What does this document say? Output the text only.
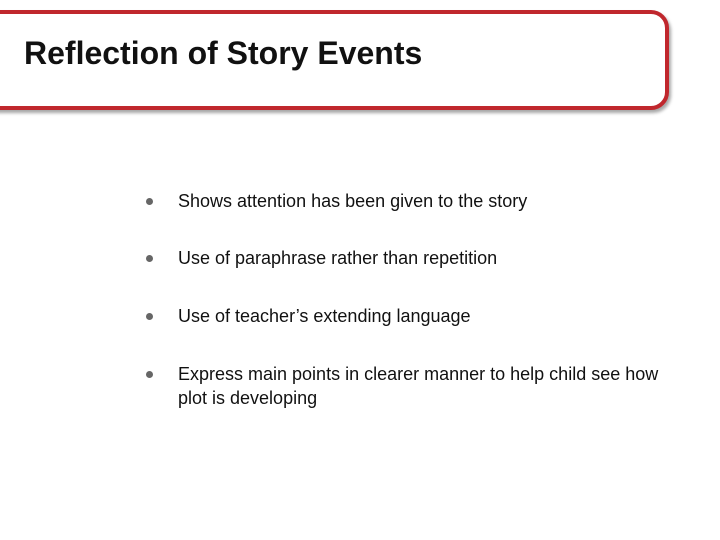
Reflection of Story Events
Shows attention has been given to the story
Use of paraphrase rather than repetition
Use of teacher’s extending language
Express main points in clearer manner to help child see how plot is developing
